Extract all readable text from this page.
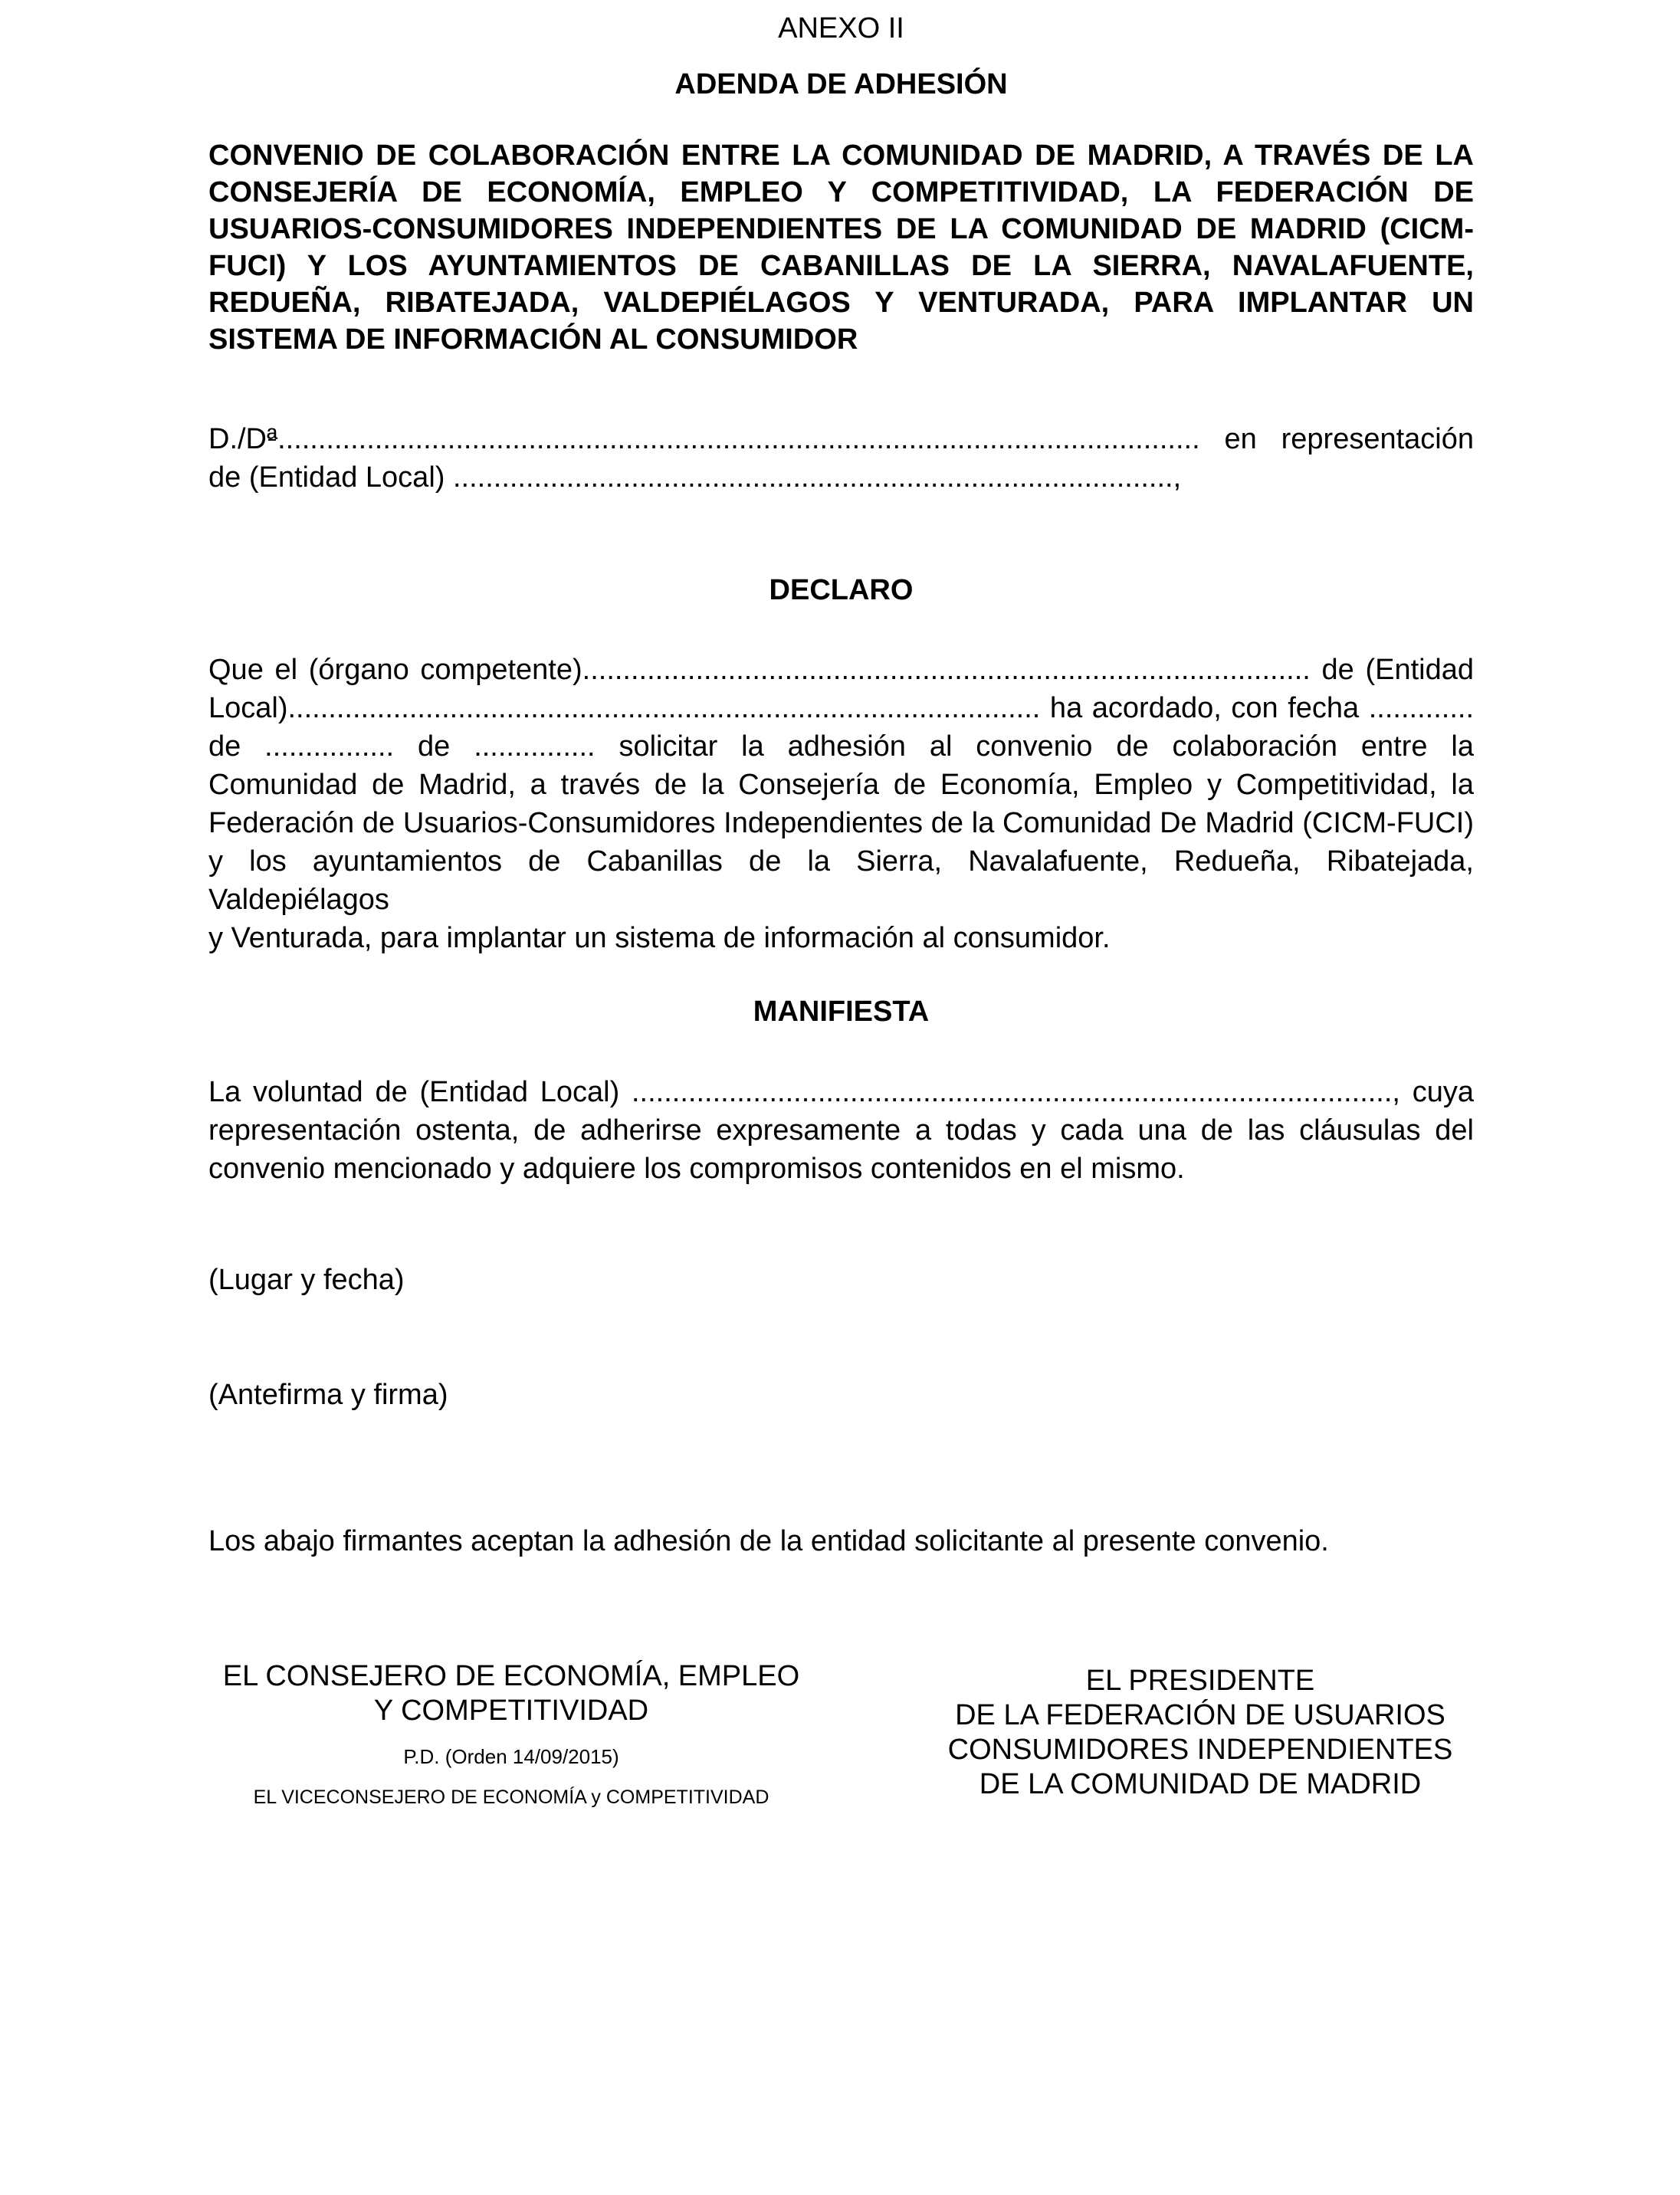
ANEXO II
ADENDA DE ADHESIÓN
CONVENIO DE COLABORACIÓN ENTRE LA COMUNIDAD DE MADRID, A TRAVÉS DE LA
CONSEJERÍA DE ECONOMÍA, EMPLEO Y COMPETITIVIDAD, LA FEDERACIÓN DE
USUARIOS-CONSUMIDORES INDEPENDIENTES DE LA COMUNIDAD DE MADRID (CICM-
FUCI) Y LOS AYUNTAMIENTOS DE CABANILLAS DE LA SIERRA, NAVALAFUENTE,
REDUEÑA, RIBATEJADA, VALDEPIÉLAGOS Y VENTURADA, PARA IMPLANTAR UN
SISTEMA DE INFORMACIÓN AL CONSUMIDOR
D./Dª.................................................................................................................. en representación
de (Entidad Local) .........................................................................................,
DECLARO
Que el (órgano competente).......................................................................................... de (Entidad
Local)............................................................................................. ha acordado, con fecha .............
de ................ de ............... solicitar la adhesión al convenio de colaboración entre la
Comunidad de Madrid, a través de la Consejería de Economía, Empleo y Competitividad, la
Federación de Usuarios-Consumidores Independientes de la Comunidad De Madrid (CICM-FUCI)
y los ayuntamientos de Cabanillas de la Sierra, Navalafuente, Redueña, Ribatejada, Valdepiélagos
y Venturada, para implantar un sistema de información al consumidor.
MANIFIESTA
La voluntad de (Entidad Local) .............................................................................................., cuya
representación ostenta, de adherirse expresamente a todas y cada una de las cláusulas del
convenio mencionado y adquiere los compromisos contenidos en el mismo.
(Lugar y fecha)
(Antefirma y firma)
Los abajo firmantes aceptan la adhesión de la entidad solicitante al presente convenio.
EL CONSEJERO DE ECONOMÍA, EMPLEO
Y COMPETITIVIDAD
P.D. (Orden 14/09/2015)
EL VICECONSEJERO DE ECONOMÍA y COMPETITIVIDAD
EL PRESIDENTE
DE LA FEDERACIÓN DE USUARIOS
CONSUMIDORES INDEPENDIENTES
DE LA COMUNIDAD DE MADRID
